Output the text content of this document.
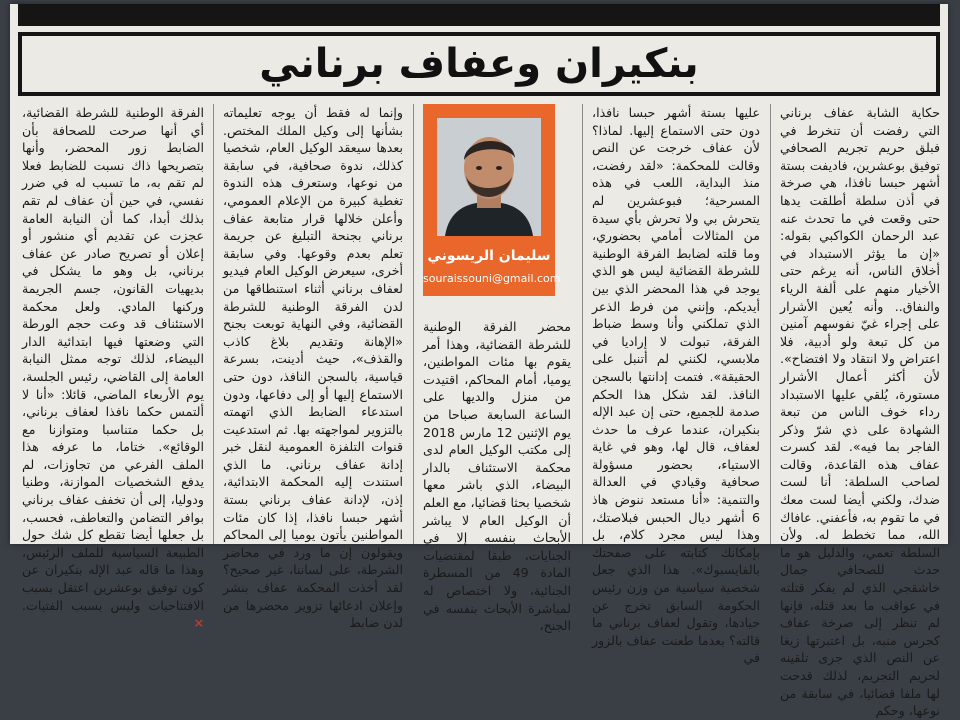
بنكيران وعفاف برناني

حكاية الشابة عفاف برناني التي رفضت أن تنخرط في فبلق حريم تجريم الصحافي توفيق بوعشرين، فاديفت بستة أشهر حبسا نافذا، هي صرخة في أذن سلطة أطلقت يدها حتى وقعت في ما تحدث عنه عبد الرحمان الكواكبي بقوله: «إن ما يؤثر الاستبداد في أخلاق الناس، أنه يرغم حتى الأخيار منهم على ألفة الرياء والنفاق.. وأنه يُعين الأشرار على إجراء غيّ نفوسهم آمنين من كل تبعة ولو أدبية، فلا اعتراض ولا انتقاد ولا افتضاح». لأن أكثر أعمال الأشرار مستورة، يُلقي عليها الاستبداد رداء خوف الناس من تبعة الشهادة على ذي شرّ وذكر الفاجر بما فيه». لقد كسرت عفاف هذه القاعدة، وقالت لصاحب السلطة: أنا لست ضدك، ولكني أيضا لست معك في ما تقوم به، فأعفني. عافاك الله، مما تخطط له. ولأن السلطة تعمي، والدليل هو ما حدث للصحافي جمال خاشقجي الذي لم يفكر قتلته في عواقب ما بعد قتله، فإنها لم تنظر إلى صرخة عفاف كجرس منبه، بل اعتبرتها زيغا عن النص الذي جرى تلقينه لحريم التجريم، لذلك قدحت لها ملفا قضائيا، في سابقة من نوعها، وحكم

عليها بستة أشهر حبسا نافذا، دون حتى الاستماع إليها. لماذا؟ لأن عفاف خرجت عن النص وقالت للمحكمة: «لقد رفضت، منذ البداية، اللعب في هذه المسرحية؛ فبوعشرين لم يتحرش بي ولا تحرش بأي سيدة من المثالات أمامي بحضوري، وما قلته لضابط الفرقة الوطنية للشرطة القضائية ليس هو الذي يوجد في هذا المحضر الذي بين أيديكم. وإنني من فرط الذعر الذي تملكني وأنا وسط ضباط الفرقة، تبولت لا إراديا في ملابسي، لكنني لم أتنبل على الحقيقة». فتمت إدانتها بالسجن النافذ. لقد شكل هذا الحكم صدمة للجميع، حتى إن عبد الإله بنكيران، عندما عرف ما حدث لعفاف، قال لها، وهو في غاية الاستياء، بحضور مسؤولة صحافية وقيادي في العدالة والتنمية: «أنا مستعد ننوض هاذ 6 أشهر ديال الحبس فبلاصتك، وهذا ليس مجرد كلام، بل بإمكانك كتابته على صفحتك بالفايسبوك». هذا الذي جعل شخصية سياسية من وزن رئيس الحكومة السابق تخرج عن حيادها، وتقول لعفاف برناني ما قالته؟ بعدما طعنت عفاف بالزور في

سليمان الريسوني
souraissouni@gmail.com

محضر الفرقة الوطنية للشرطة القضائية، وهذا أمر يقوم بها مئات المواطنين، يوميا، أمام المحاكم، اقتيدت من منزل والديها على الساعة السابعة صباحا من يوم الإثنين 12 مارس 2018 إلى مكتب الوكيل العام لدى محكمة الاستئناف بالدار البيضاء، الذي باشر معها شخصيا بحثا قضائيا، مع العلم أن الوكيل العام لا يباشر الأبحاث بنفسه إلا في الجنايات، طبقا لمقتضيات المادة 49 من المسطرة الجنائية، ولا اختصاص له لمباشرة الأبحاث بنفسه في الجنح،

وإنما له فقط أن يوجه تعليماته بشأنها إلى وكيل الملك المختص. بعدها سيعقد الوكيل العام، شخصيا كذلك، ندوة صحافية، في سابقة من نوعها، وستعرف هذه الندوة تغطية كبيرة من الإعلام العمومي، وأعلن خلالها قرار متابعة عفاف برناني بجنحة التبليغ عن جريمة تعلم بعدم وقوعها. وفي سابقة أخرى، سيعرض الوكيل العام فيديو لعفاف برناني أثناء استنطاقها من لدن الفرقة الوطنية للشرطة القضائية، وفي النهاية توبعت بجنح «الإهانة وتقديم بلاغ كاذب والقذف»، حيث أدينت، بسرعة قياسية، بالسجن النافذ، دون حتى الاستماع إليها أو إلى دفاعها، ودون استدعاء الضابط الذي اتهمته بالتزوير لمواجهته بها. ثم استدعيت قنوات التلفزة العمومية لنقل خبر إدانة عفاف برناني. ما الذي استندت إليه المحكمة الابتدائية، إذن، لإدانة عفاف برناني بستة أشهر حبسا نافذا، إذا كان مئات المواطنين يأتون يوميا إلى المحاكم ويقولون إن ما ورد في محاضر الشرطة، على لساننا، غير صحيح؟ لقد أخذت المحكمة عفاف بنشر وإعلان ادعائها تزوير محضرها من لدن ضابط

الفرقة الوطنية للشرطة القضائية، أي أنها صرحت للصحافة بأن الضابط زور المحضر، وأنها بتصريحها ذاك نسبت للضابط فعلا لم تقم به، ما تسبب له في ضرر نفسي، في حين أن عفاف لم تقم بذلك أبدا، كما أن النيابة العامة عجزت عن تقديم أي منشور أو إعلان أو تصريح صادر عن عفاف برناني، بل وهو ما يشكل في بديهيات القانون، جسم الجريمة وركنها المادي. ولعل محكمة الاستئناف قد وعت حجم الورطة التي وضعتها فيها ابتدائية الدار البيضاء، لذلك توجه ممثل النيابة العامة إلى القاضي، رئيس الجلسة، يوم الأربعاء الماضي، قائلا: «أنا لا ألتمس حكما نافذا لعفاف برناني، بل حكما متناسبا ومتوازنا مع الوقائع». ختاما، ما عرفه هذا الملف الفرعي من تجاوزات، لم يدفع الشخصيات الموازنة، وطنيا ودوليا، إلى أن تخفف عفاف برناني بوافر التضامن والتعاطف، فحسب، بل جعلها أيضا تقطع كل شك حول الطبيعة السياسية للملف الرئيس، وهذا ما قاله عبد الإله بنكيران عن كون توفيق بوعشرين اعتقل بسبب الافتتاحيات وليس بسبب الفتيات. ×
